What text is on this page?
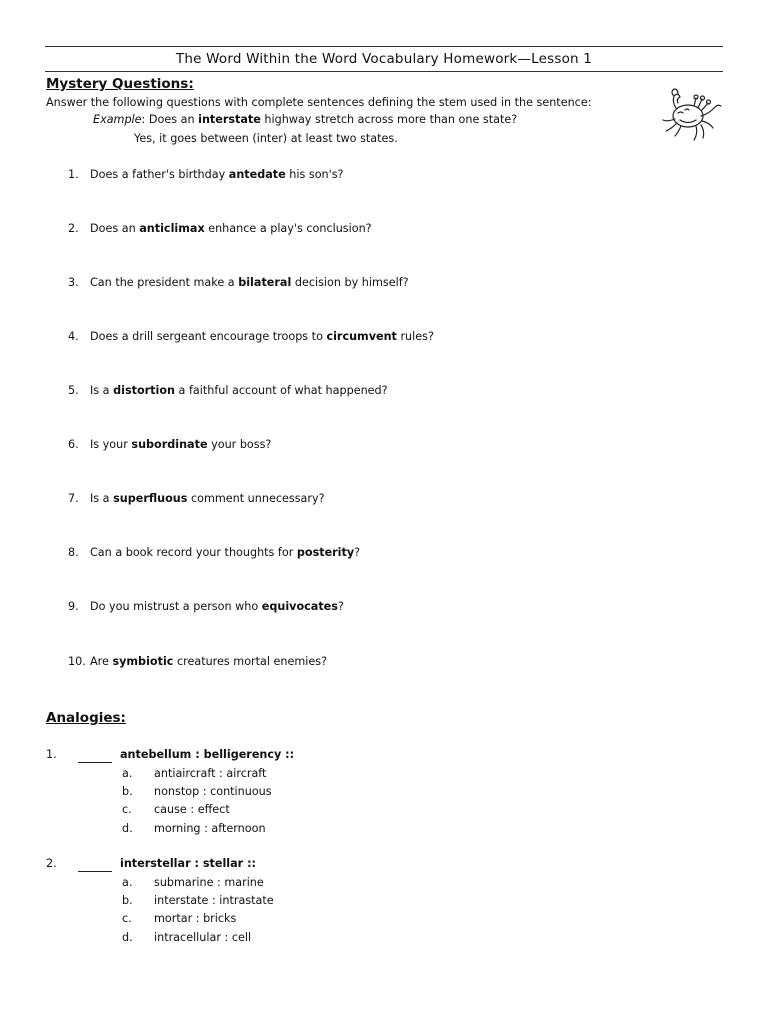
The Word Within the Word Vocabulary Homework—Lesson 1
Mystery Questions:
Answer the following questions with complete sentences defining the stem used in the sentence:
Example: Does an interstate highway stretch across more than one state?
Yes, it goes between (inter) at least two states.
1. Does a father's birthday antedate his son's?
2. Does an anticlimax enhance a play's conclusion?
3. Can the president make a bilateral decision by himself?
4. Does a drill sergeant encourage troops to circumvent rules?
5. Is a distortion a faithful account of what happened?
6. Is your subordinate your boss?
7. Is a superfluous comment unnecessary?
8. Can a book record your thoughts for posterity?
9. Do you mistrust a person who equivocates?
10. Are symbiotic creatures mortal enemies?
Analogies:
1.	antebellum : belligerency ::
a. antiaircraft : aircraft
b. nonstop : continuous
c. cause : effect
d. morning : afternoon
2.	interstellar : stellar ::
a. submarine : marine
b. interstate : intrastate
c. mortar : bricks
d. intracellular : cell
